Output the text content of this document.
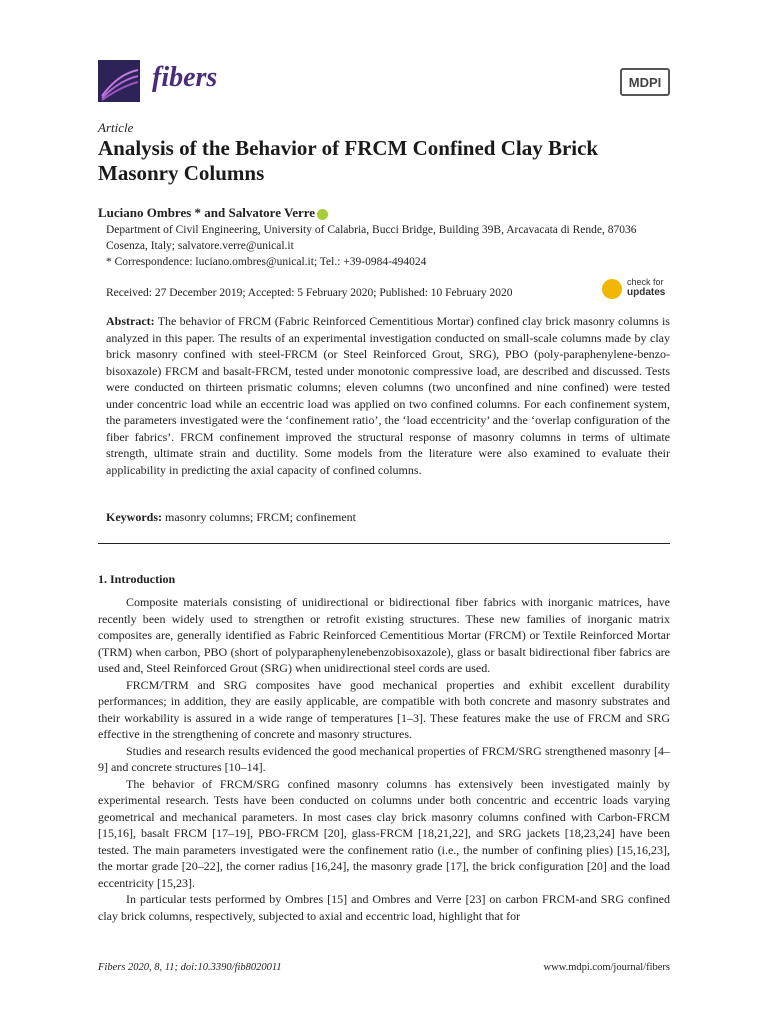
fibers	MDPI
Article
Analysis of the Behavior of FRCM Confined Clay Brick Masonry Columns
Luciano Ombres * and Salvatore Verre

Department of Civil Engineering, University of Calabria, Bucci Bridge, Building 39B, Arcavacata di Rende, 87036 Cosenza, Italy; salvatore.verre@unical.it

* Correspondence: luciano.ombres@unical.it; Tel.: +39-0984-494024

Received: 27 December 2019; Accepted: 5 February 2020; Published: 10 February 2020
check for
updates
Abstract: The behavior of FRCM (Fabric Reinforced Cementitious Mortar) confined clay brick masonry columns is analyzed in this paper. The results of an experimental investigation conducted on small-scale columns made by clay brick masonry confined with steel-FRCM (or Steel Reinforced Grout, SRG), PBO (poly-paraphenylene-benzo-bisoxazole) FRCM and basalt-FRCM, tested under monotonic compressive load, are described and discussed. Tests were conducted on thirteen prismatic columns; eleven columns (two unconfined and nine confined) were tested under concentric load while an eccentric load was applied on two confined columns. For each confinement system, the parameters investigated were the ‘confinement ratio’, the ‘load eccentricity’ and the ‘overlap configuration of the fiber fabrics’. FRCM confinement improved the structural response of masonry columns in terms of ultimate strength, ultimate strain and ductility. Some models from the literature were also examined to evaluate their applicability in predicting the axial capacity of confined columns.
Keywords: masonry columns; FRCM; confinement
1. Introduction

Composite materials consisting of unidirectional or bidirectional fiber fabrics with inorganic matrices, have recently been widely used to strengthen or retrofit existing structures. These new families of inorganic matrix composites are, generally identified as Fabric Reinforced Cementitious Mortar (FRCM) or Textile Reinforced Mortar (TRM) when carbon, PBO (short of polyparaphenylenebenzobisoxazole), glass or basalt bidirectional fiber fabrics are used and, Steel Reinforced Grout (SRG) when unidirectional steel cords are used.

FRCM/TRM and SRG composites have good mechanical properties and exhibit excellent durability performances; in addition, they are easily applicable, are compatible with both concrete and masonry substrates and their workability is assured in a wide range of temperatures [1–3]. These features make the use of FRCM and SRG effective in the strengthening of concrete and masonry structures.

Studies and research results evidenced the good mechanical properties of FRCM/SRG strengthened masonry [4–9] and concrete structures [10–14].

The behavior of FRCM/SRG confined masonry columns has extensively been investigated mainly by experimental research. Tests have been conducted on columns under both concentric and eccentric loads varying geometrical and mechanical parameters. In most cases clay brick masonry columns confined with Carbon-FRCM [15,16], basalt FRCM [17–19], PBO-FRCM [20], glass-FRCM [18,21,22], and SRG jackets [18,23,24] have been tested. The main parameters investigated were the confinement ratio (i.e., the number of confining plies) [15,16,23], the mortar grade [20–22], the corner radius [16,24], the masonry grade [17], the brick configuration [20] and the load eccentricity [15,23].

In particular tests performed by Ombres [15] and Ombres and Verre [23] on carbon FRCM-and SRG confined clay brick columns, respectively, subjected to axial and eccentric load, highlight that for

Fibers 2020, 8, 11; doi:10.3390/fib8020011	www.mdpi.com/journal/fibers
